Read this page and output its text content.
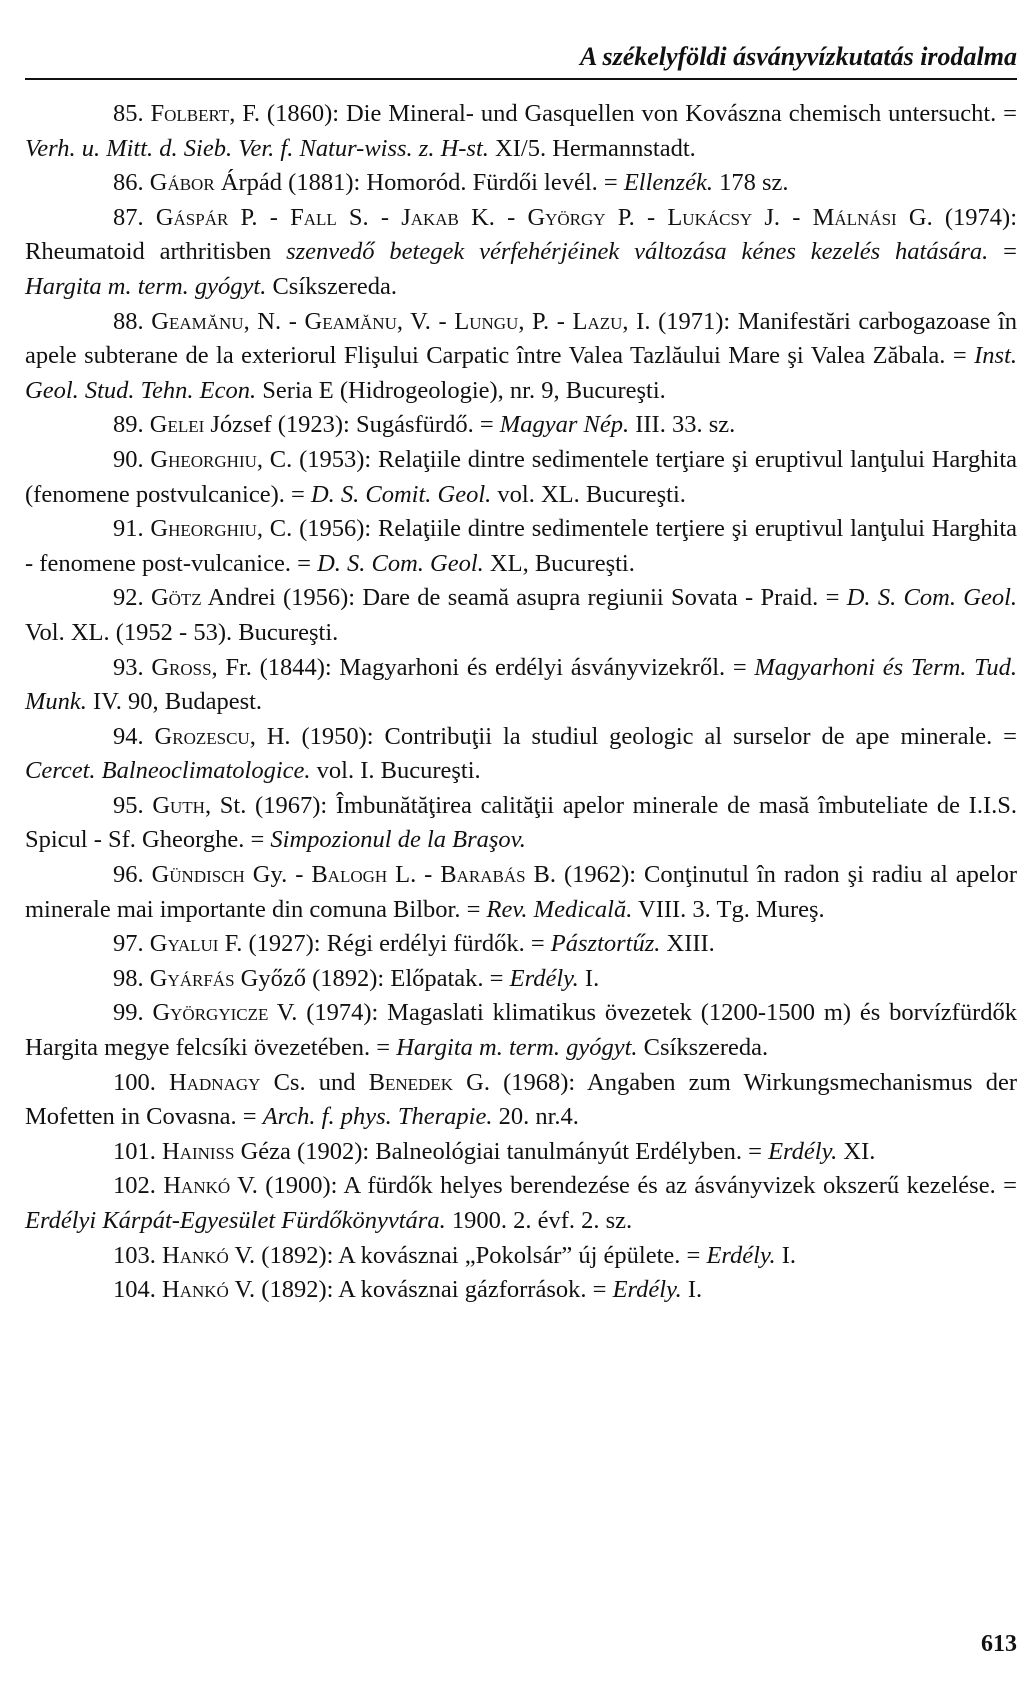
A székelyföldi ásványvízkutatás irodalma

85. Folbert, F. (1860): Die Mineral- und Gasquellen von Kovászna chemisch untersucht. = Verh. u. Mitt. d. Sieb. Ver. f. Natur-wiss. z. H-st. XI/5. Hermannstadt.

86. Gábor Árpád (1881): Homoród. Fürdői levél. = Ellenzék. 178 sz.

87. Gáspár P. - Fall S. - Jakab K. - György P. - Lukácsy J. - Málnási G. (1974): Rheumatoid arthritisben szenvedő betegek vérfehérjéinek változása kénes kezelés hatására. = Hargita m. term. gyógyt. Csíkszereda.

88. Geamănu, N. - Geamănu, V. - Lungu, P. - Lazu, I. (1971): Manifestări carbogazoase în apele subterane de la exteriorul Flişului Carpatic între Valea Tazlăului Mare şi Valea Zăbala. = Inst. Geol. Stud. Tehn. Econ. Seria E (Hidrogeologie), nr. 9, Bucureşti.

89. Gelei József (1923): Sugásfürdő. = Magyar Nép. III. 33. sz.

90. Gheorghiu, C. (1953): Relaţiile dintre sedimentele terţiare şi eruptivul lanţului Harghita (fenomene postvulcanice). = D. S. Comit. Geol. vol. XL. Bucureşti.

91. Gheorghiu, C. (1956): Relaţiile dintre sedimentele terţiere şi eruptivul lanţului Harghita - fenomene post-vulcanice. = D. S. Com. Geol. XL, Bucureşti.

92. Götz Andrei (1956): Dare de seamă asupra regiunii Sovata - Praid. = D. S. Com. Geol. Vol. XL. (1952 - 53). Bucureşti.

93. Gross, Fr. (1844): Magyarhoni és erdélyi ásványvizekről. = Magyarhoni és Term. Tud. Munk. IV. 90, Budapest.

94. Grozescu, H. (1950): Contribuţii la studiul geologic al surselor de ape minerale. = Cercet. Balneoclimatologice. vol. I. Bucureşti.

95. Guth, St. (1967): Îmbunătăţirea calităţii apelor minerale de masă îmbuteliate de I.I.S. Spicul - Sf. Gheorghe. = Simpozionul de la Braşov.

96. Gündisch Gy. - Balogh L. - Barabás B. (1962): Conţinutul în radon şi radiu al apelor minerale mai importante din comuna Bilbor. = Rev. Medicală. VIII. 3. Tg. Mureş.

97. Gyalui F. (1927): Régi erdélyi fürdők. = Pásztortűz. XIII.

98. Gyárfás Győző (1892): Előpatak. = Erdély. I.

99. Györgyicze V. (1974): Magaslati klimatikus övezetek (1200-1500 m) és borvízfürdők Hargita megye felcsíki övezetében. = Hargita m. term. gyógyt. Csíkszereda.

100. Hadnagy Cs. und Benedek G. (1968): Angaben zum Wirkungsmechanismus der Mofetten in Covasna. = Arch. f. phys. Therapie. 20. nr.4.

101. Hainiss Géza (1902): Balneológiai tanulmányút Erdélyben. = Erdély. XI.

102. Hankó V. (1900): A fürdők helyes berendezése és az ásványvizek okszerű kezelése. = Erdélyi Kárpát-Egyesület Fürdőkönyvtára. 1900. 2. évf. 2. sz.

103. Hankó V. (1892): A kovásznai „Pokolsár” új épülete. = Erdély. I.

104. Hankó V. (1892): A kovásznai gázforrások. = Erdély. I.

613
